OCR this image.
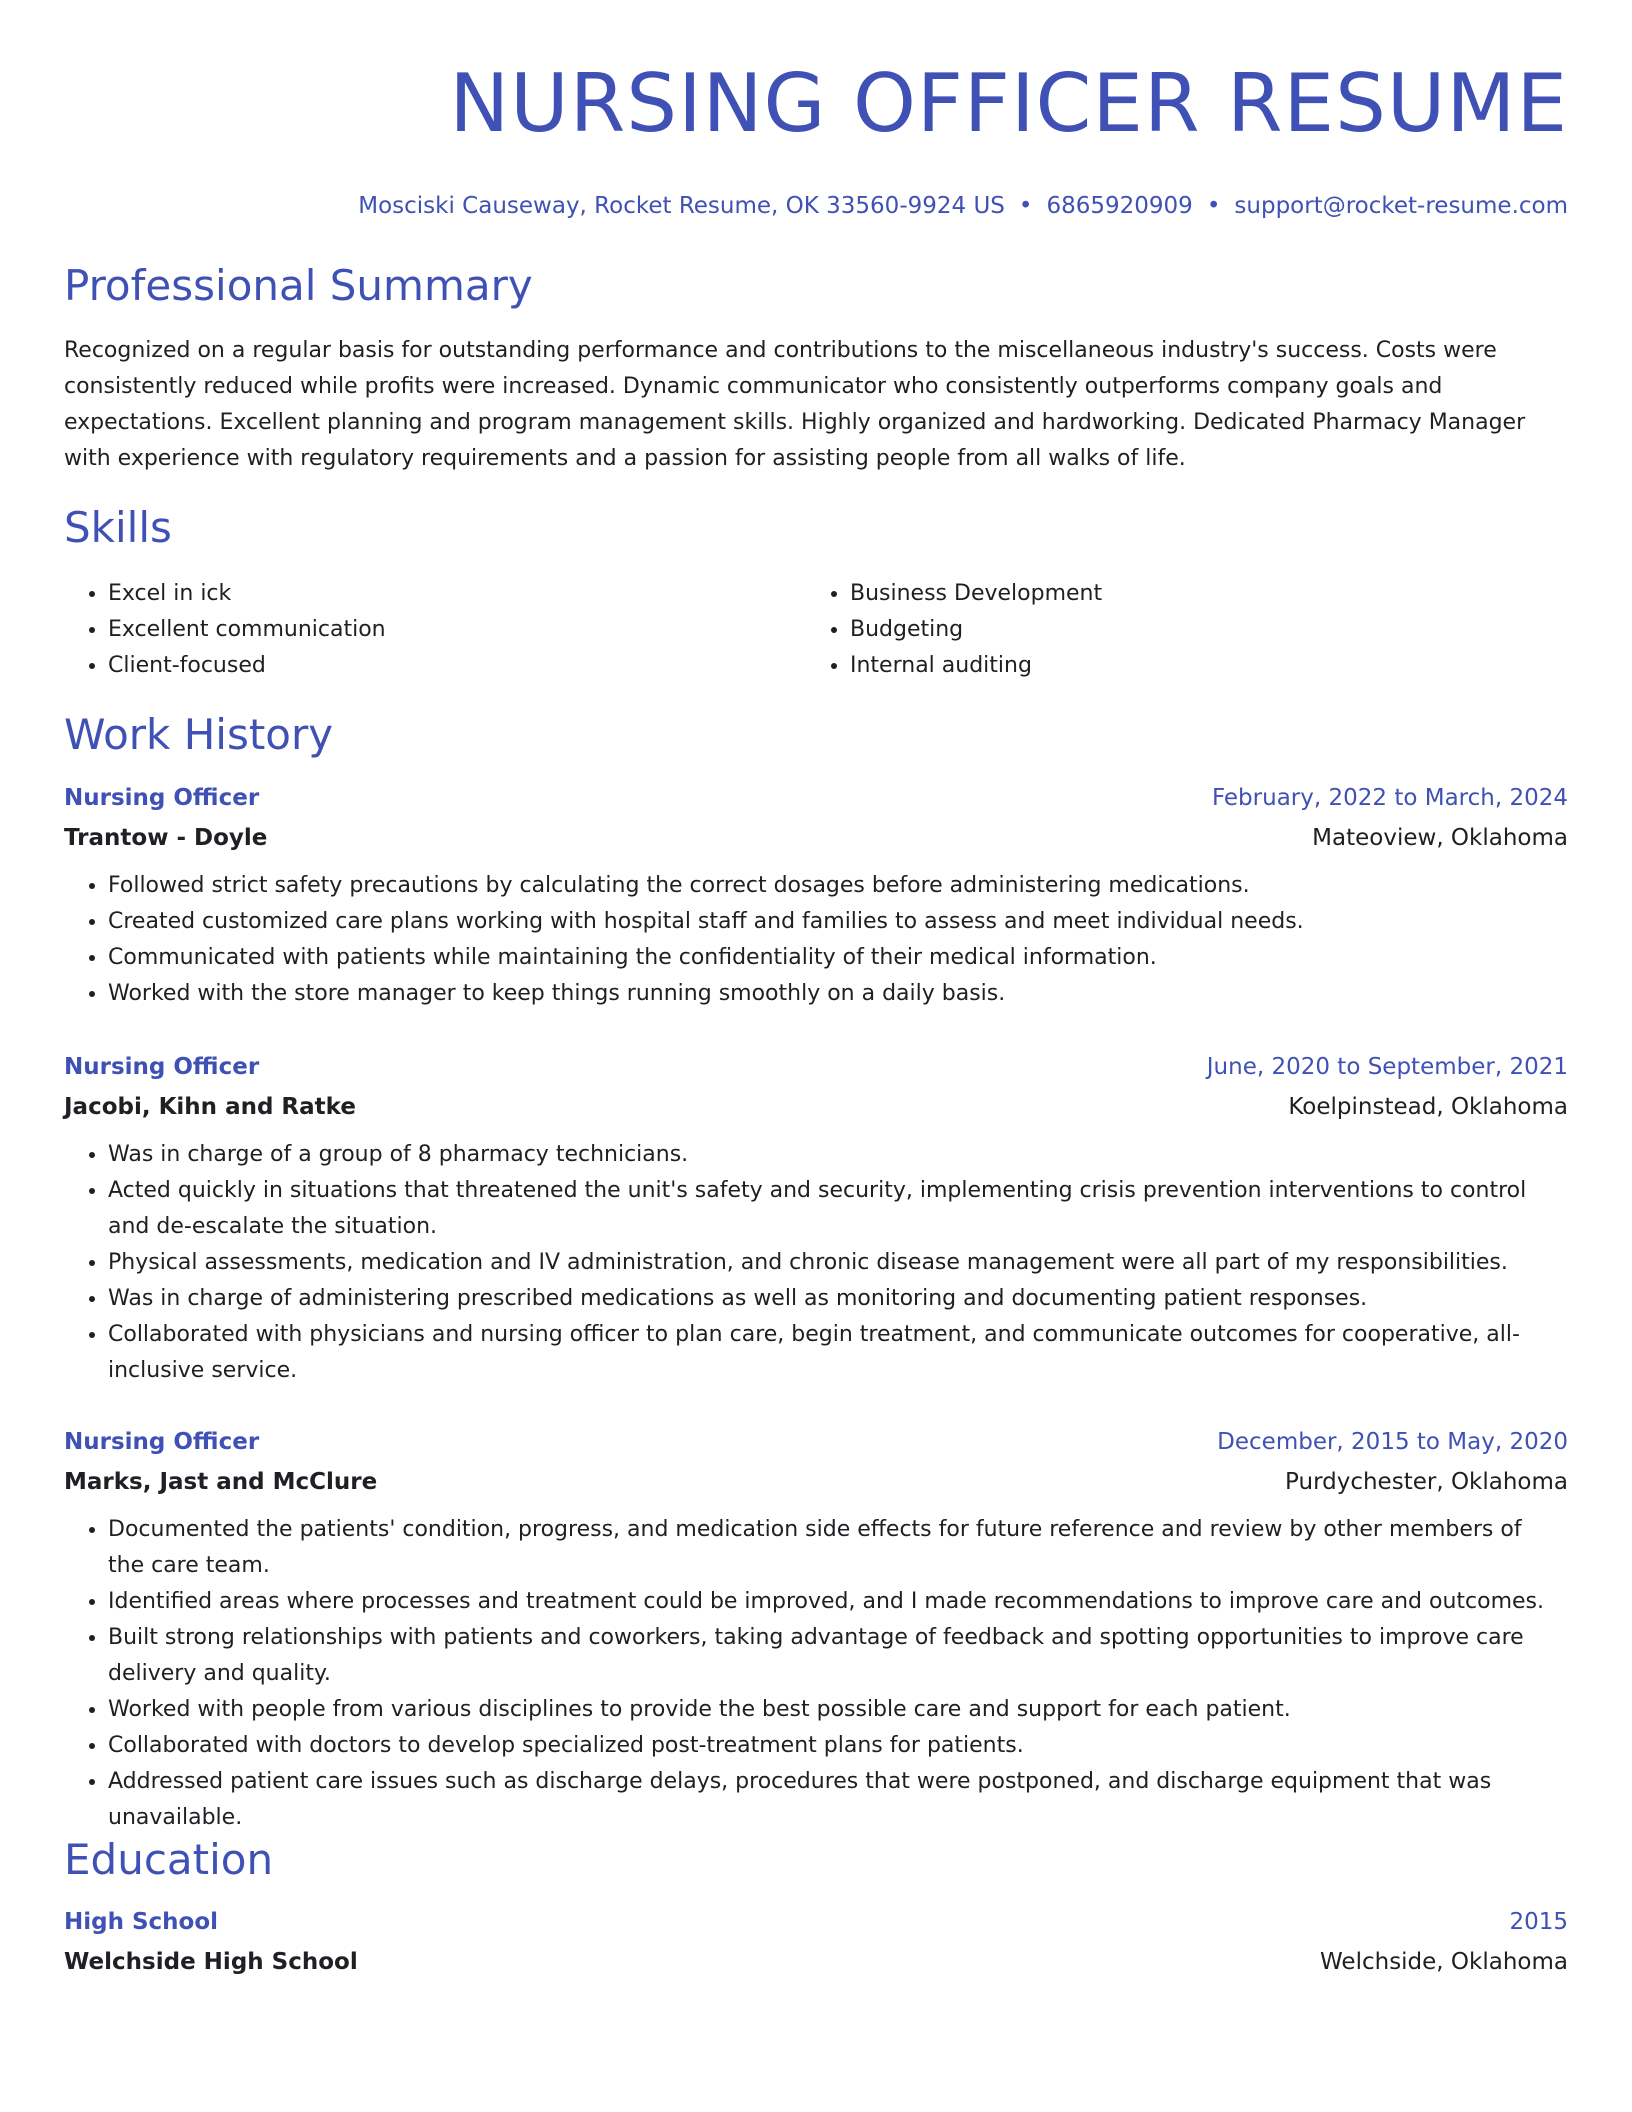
NURSING OFFICER RESUME
Mosciski Causeway, Rocket Resume, OK 33560-9924 US • 6865920909 • support@rocket-resume.com
Professional Summary

Recognized on a regular basis for outstanding performance and contributions to the miscellaneous industry's success. Costs were consistently reduced while profits were increased. Dynamic communicator who consistently outperforms company goals and expectations. Excellent planning and program management skills. Highly organized and hardworking. Dedicated Pharmacy Manager with experience with regulatory requirements and a passion for assisting people from all walks of life.

Skills
• Excel in ick
• Excellent communication
• Client-focused
• Business Development
• Budgeting
• Internal auditing
Work History
Nursing Officer	February, 2022 to March, 2024
Trantow - Doyle	Mateoview, Oklahoma
• Followed strict safety precautions by calculating the correct dosages before administering medications.
• Created customized care plans working with hospital staff and families to assess and meet individual needs.
• Communicated with patients while maintaining the confidentiality of their medical information.
• Worked with the store manager to keep things running smoothly on a daily basis.
Nursing Officer	June, 2020 to September, 2021
Jacobi, Kihn and Ratke	Koelpinstead, Oklahoma
• Was in charge of a group of 8 pharmacy technicians.
• Acted quickly in situations that threatened the unit's safety and security, implementing crisis prevention interventions to control and de-escalate the situation.
• Physical assessments, medication and IV administration, and chronic disease management were all part of my responsibilities.
• Was in charge of administering prescribed medications as well as monitoring and documenting patient responses.
• Collaborated with physicians and nursing officer to plan care, begin treatment, and communicate outcomes for cooperative, all-inclusive service.
Nursing Officer	December, 2015 to May, 2020
Marks, Jast and McClure	Purdychester, Oklahoma
• Documented the patients' condition, progress, and medication side effects for future reference and review by other members of the care team.
• Identified areas where processes and treatment could be improved, and I made recommendations to improve care and outcomes.
• Built strong relationships with patients and coworkers, taking advantage of feedback and spotting opportunities to improve care delivery and quality.
• Worked with people from various disciplines to provide the best possible care and support for each patient.
• Collaborated with doctors to develop specialized post-treatment plans for patients.
• Addressed patient care issues such as discharge delays, procedures that were postponed, and discharge equipment that was unavailable.
Education
High School	2015
Welchside High School	Welchside, Oklahoma
